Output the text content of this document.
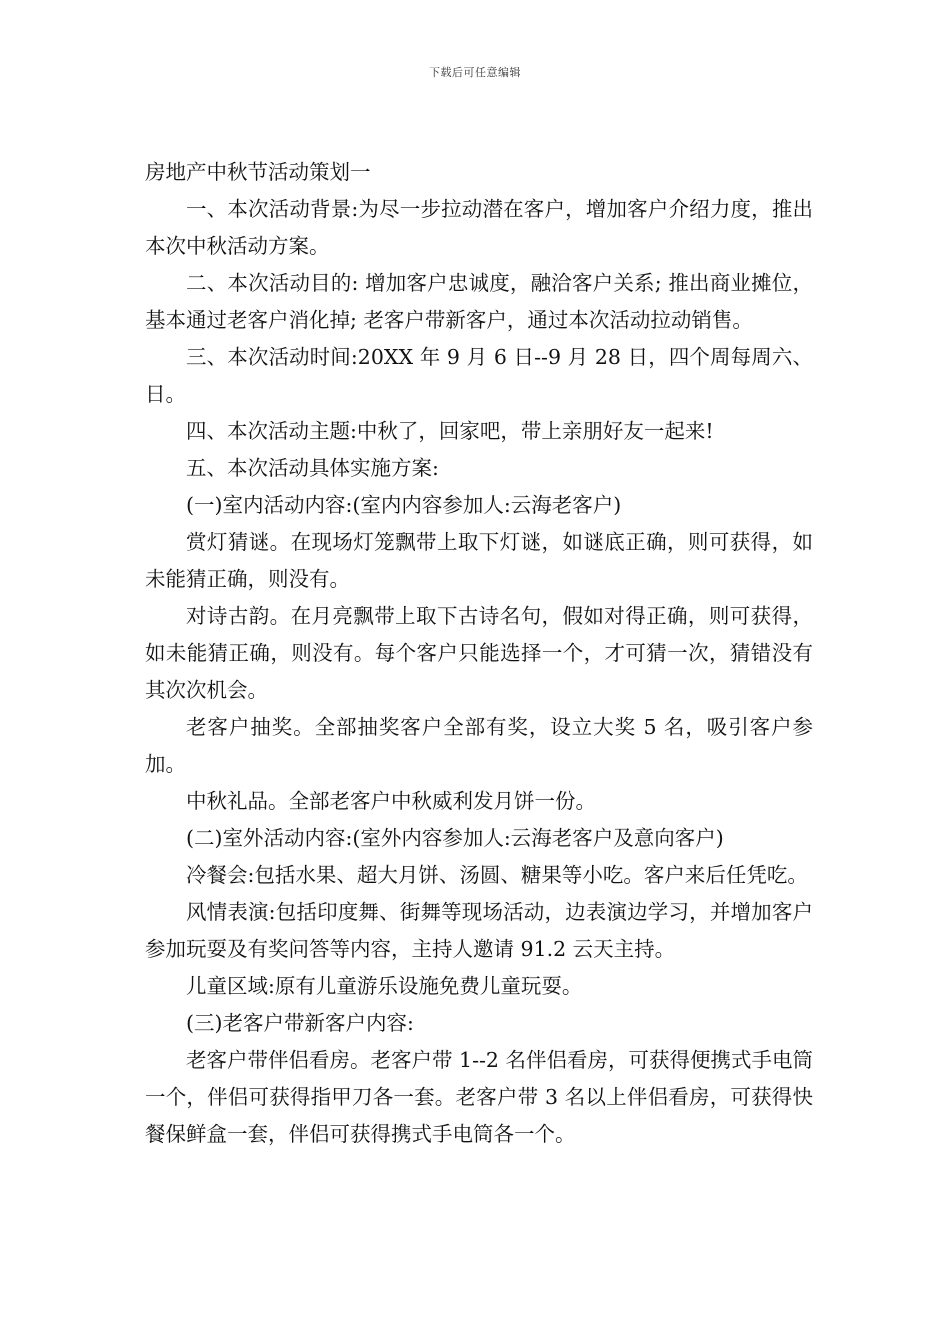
下载后可任意编辑

房地产中秋节活动策划一

一、本次活动背景:为尽一步拉动潜在客户，增加客户介绍力度，推出本次中秋活动方案。

二、本次活动目的: 增加客户忠诚度，融洽客户关系; 推出商业摊位，基本通过老客户消化掉; 老客户带新客户，通过本次活动拉动销售。

三、本次活动时间:20XX 年 9 月 6 日--9 月 28 日，四个周每周六、日。

四、本次活动主题:中秋了，回家吧，带上亲朋好友一起来!

五、本次活动具体实施方案:

(一)室内活动内容:(室内内容参加人:云海老客户)

赏灯猜谜。在现场灯笼飘带上取下灯谜，如谜底正确，则可获得，如未能猜正确，则没有。

对诗古韵。在月亮飘带上取下古诗名句，假如对得正确，则可获得，如未能猜正确，则没有。每个客户只能选择一个，才可猜一次，猜错没有其次次机会。

老客户抽奖。全部抽奖客户全部有奖，设立大奖 5 名，吸引客户参加。

中秋礼品。全部老客户中秋威利发月饼一份。

(二)室外活动内容:(室外内容参加人:云海老客户及意向客户)

冷餐会:包括水果、超大月饼、汤圆、糖果等小吃。客户来后任凭吃。

风情表演:包括印度舞、街舞等现场活动，边表演边学习，并增加客户参加玩耍及有奖问答等内容，主持人邀请 91.2 云天主持。

儿童区域:原有儿童游乐设施免费儿童玩耍。

(三)老客户带新客户内容:

老客户带伴侣看房。老客户带 1--2 名伴侣看房，可获得便携式手电筒一个，伴侣可获得指甲刀各一套。老客户带 3 名以上伴侣看房，可获得快餐保鲜盒一套，伴侣可获得携式手电筒各一个。
